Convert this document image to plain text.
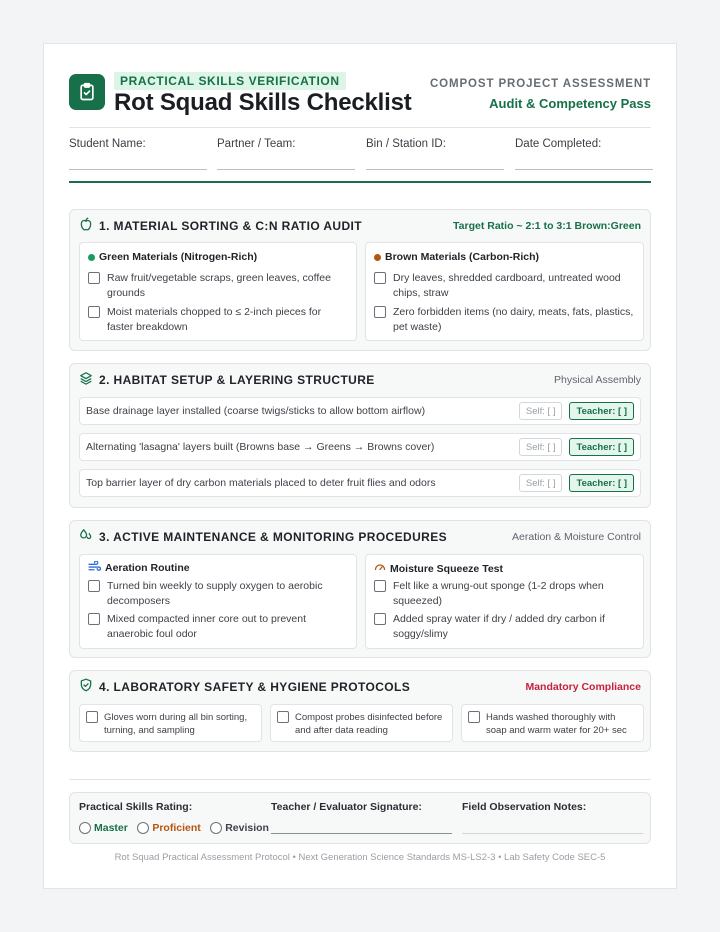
PRACTICAL SKILLS VERIFICATION
Rot Squad Skills Checklist
COMPOST PROJECT ASSESSMENT
Audit & Competency Pass
Student Name:	Partner / Team:	Bin / Station ID:	Date Completed:
1. MATERIAL SORTING & C:N RATIO AUDIT	Target Ratio ~ 2:1 to 3:1 Brown:Green
Green Materials (Nitrogen-Rich)
Raw fruit/vegetable scraps, green leaves, coffee grounds
Moist materials chopped to ≤ 2-inch pieces for faster breakdown
Brown Materials (Carbon-Rich)
Dry leaves, shredded cardboard, untreated wood chips, straw
Zero forbidden items (no dairy, meats, fats, plastics, pet waste)
2. HABITAT SETUP & LAYERING STRUCTURE	Physical Assembly
Base drainage layer installed (coarse twigs/sticks to allow bottom airflow)	Self: [ ]	Teacher: [ ]
Alternating 'lasagna' layers built (Browns base → Greens → Browns cover)	Self: [ ]	Teacher: [ ]
Top barrier layer of dry carbon materials placed to deter fruit flies and odors	Self: [ ]	Teacher: [ ]
3. ACTIVE MAINTENANCE & MONITORING PROCEDURES	Aeration & Moisture Control
Aeration Routine
Turned bin weekly to supply oxygen to aerobic decomposers
Mixed compacted inner core out to prevent anaerobic foul odor
Moisture Squeeze Test
Felt like a wrung-out sponge (1-2 drops when squeezed)
Added spray water if dry / added dry carbon if soggy/slimy
4. LABORATORY SAFETY & HYGIENE PROTOCOLS	Mandatory Compliance
Gloves worn during all bin sorting, turning, and sampling
Compost probes disinfected before and after data reading
Hands washed thoroughly with soap and warm water for 20+ sec
Practical Skills Rating:
Master Proficient Revision
Teacher / Evaluator Signature:	Field Observation Notes:
Rot Squad Practical Assessment Protocol • Next Generation Science Standards MS-LS2-3 • Lab Safety Code SEC-5
